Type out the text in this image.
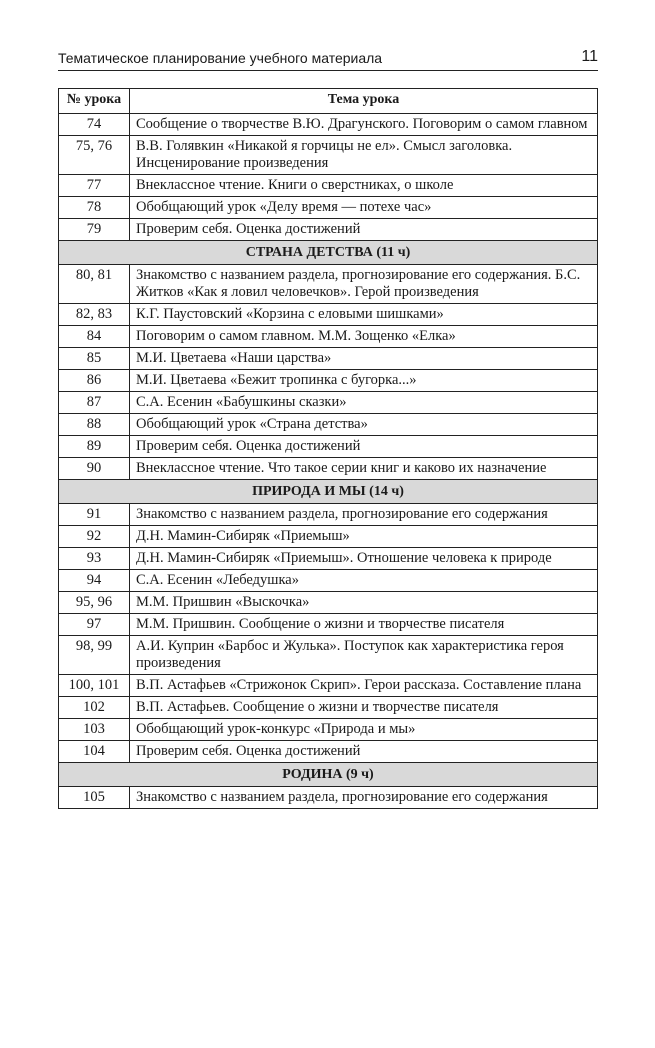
Тематическое планирование учебного материала	11
№ урока	Тема урока
74	Сообщение о творчестве В.Ю. Драгунского. Поговорим о самом главном
75, 76	В.В. Голявкин «Никакой я горчицы не ел». Смысл заголовка. Инсценирование произведения
77	Внеклассное чтение. Книги о сверстниках, о школе
78	Обобщающий урок «Делу время — потехе час»
79	Проверим себя. Оценка достижений
СТРАНА ДЕТСТВА (11 ч)	
80, 81	Знакомство с названием раздела, прогнозирование его содержания. Б.С. Житков «Как я ловил человечков». Герой произведения
82, 83	К.Г. Паустовский «Корзина с еловыми шишками»
84	Поговорим о самом главном. М.М. Зощенко «Елка»
85	М.И. Цветаева «Наши царства»
86	М.И. Цветаева «Бежит тропинка с бугорка...»
87	С.А. Есенин «Бабушкины сказки»
88	Обобщающий урок «Страна детства»
89	Проверим себя. Оценка достижений
90	Внеклассное чтение. Что такое серии книг и каково их назначение
ПРИРОДА И МЫ (14 ч)	
91	Знакомство с названием раздела, прогнозирование его содержания
92	Д.Н. Мамин-Сибиряк «Приемыш»
93	Д.Н. Мамин-Сибиряк «Приемыш». Отношение человека к природе
94	С.А. Есенин «Лебедушка»
95, 96	М.М. Пришвин «Выскочка»
97	М.М. Пришвин. Сообщение о жизни и творчестве писателя
98, 99	А.И. Куприн «Барбос и Жулька». Поступок как характеристика героя произведения
100, 101	В.П. Астафьев «Стрижонок Скрип». Герои рассказа. Составление плана
102	В.П. Астафьев. Сообщение о жизни и творчестве писателя
103	Обобщающий урок-конкурс «Природа и мы»
104	Проверим себя. Оценка достижений
РОДИНА (9 ч)	
105	Знакомство с названием раздела, прогнозирование его содержания
